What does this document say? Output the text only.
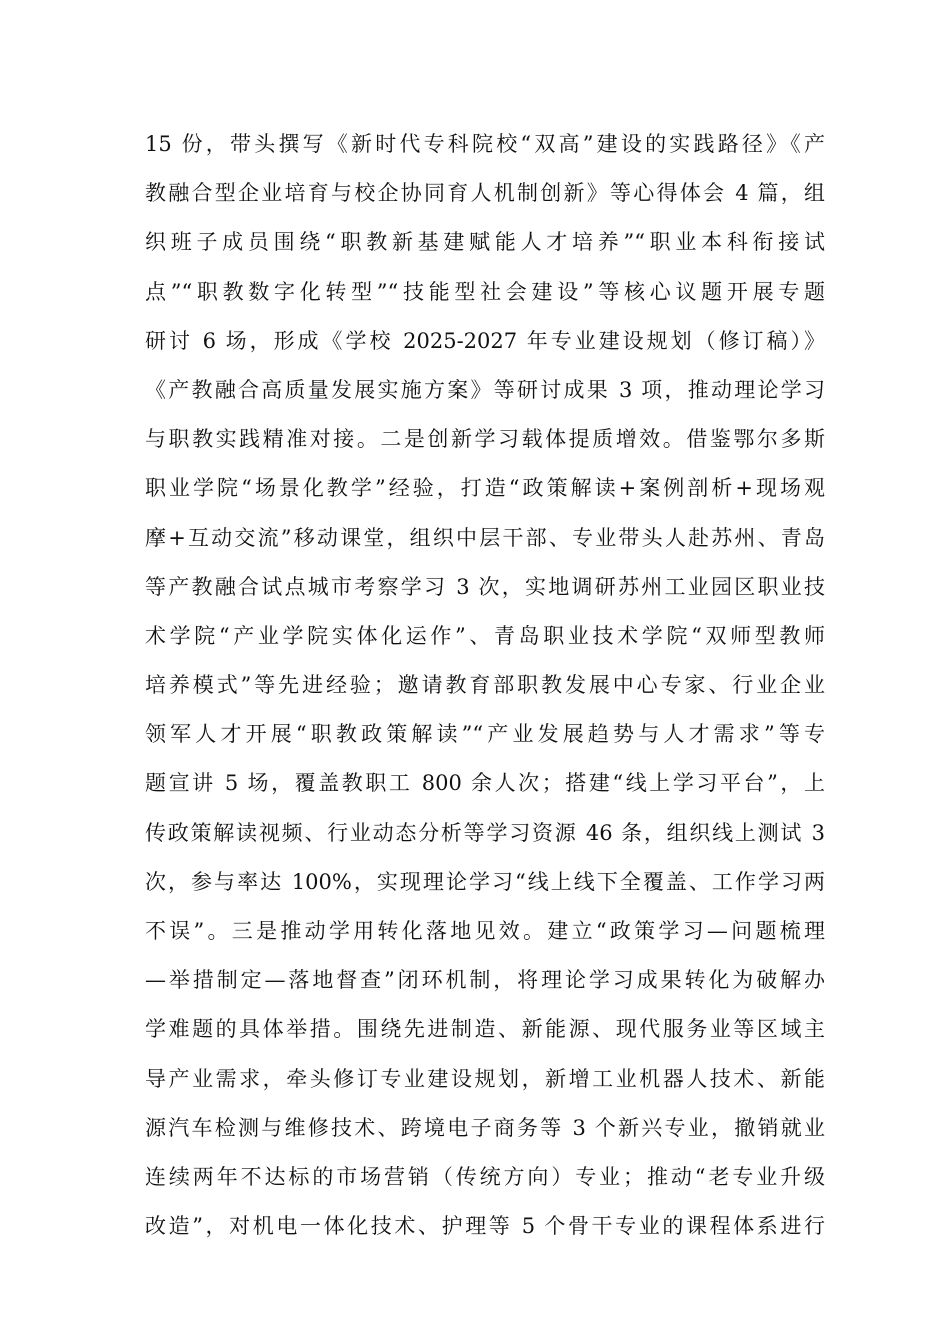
15 份，带头撰写《新时代专科院校“双高”建设的实践路径》《产
教融合型企业培育与校企协同育人机制创新》等心得体会 4 篇，组
织班子成员围绕“职教新基建赋能人才培养”“职业本科衔接试
点”“职教数字化转型”“技能型社会建设”等核心议题开展专题
研讨 6 场，形成《学校 2025-2027 年专业建设规划（修订稿）》
《产教融合高质量发展实施方案》等研讨成果 3 项，推动理论学习
与职教实践精准对接。二是创新学习载体提质增效。借鉴鄂尔多斯
职业学院“场景化教学”经验，打造“政策解读+案例剖析+现场观
摩+互动交流”移动课堂，组织中层干部、专业带头人赴苏州、青岛
等产教融合试点城市考察学习 3 次，实地调研苏州工业园区职业技
术学院“产业学院实体化运作”、青岛职业技术学院“双师型教师
培养模式”等先进经验；邀请教育部职教发展中心专家、行业企业
领军人才开展“职教政策解读”“产业发展趋势与人才需求”等专
题宣讲 5 场，覆盖教职工 800 余人次；搭建“线上学习平台”，上
传政策解读视频、行业动态分析等学习资源 46 条，组织线上测试 3
次，参与率达 100%，实现理论学习“线上线下全覆盖、工作学习两
不误”。三是推动学用转化落地见效。建立“政策学习—问题梳理
—举措制定—落地督查”闭环机制，将理论学习成果转化为破解办
学难题的具体举措。围绕先进制造、新能源、现代服务业等区域主
导产业需求，牵头修订专业建设规划，新增工业机器人技术、新能
源汽车检测与维修技术、跨境电子商务等 3 个新兴专业，撤销就业
连续两年不达标的市场营销（传统方向）专业；推动“老专业升级
改造”，对机电一体化技术、护理等 5 个骨干专业的课程体系进行
